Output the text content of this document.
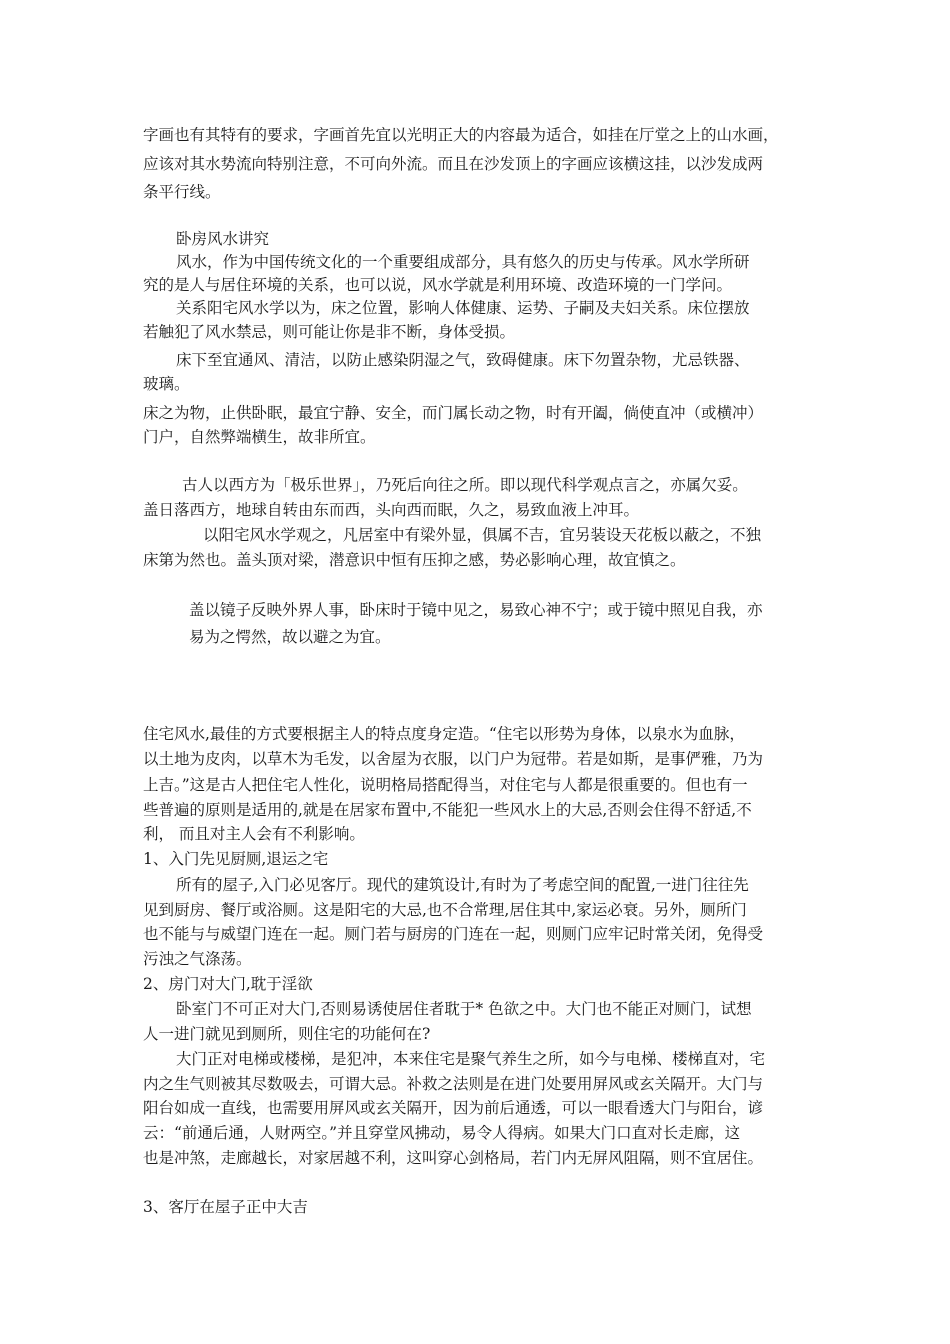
字画也有其特有的要求，字画首先宜以光明正大的内容最为适合，如挂在厅堂之上的山水画，

应该对其水势流向特别注意，不可向外流。而且在沙发顶上的字画应该横这挂，以沙发成两

条平行线。

卧房风水讲究

风水，作为中国传统文化的一个重要组成部分，具有悠久的历史与传承。风水学所研

究的是人与居住环境的关系，也可以说，风水学就是利用环境、改造环境的一门学问。

关系阳宅风水学以为，床之位置，影响人体健康、运势、子嗣及夫妇关系。床位摆放

若触犯了风水禁忌，则可能让你是非不断，身体受损。

床下至宜通风、清洁，以防止感染阴湿之气，致碍健康。床下勿置杂物，尤忌铁器、

玻璃。

床之为物，止供卧眠，最宜宁静、安全，而门属长动之物，时有开阖，倘使直冲（或横冲）

门户，自然弊端横生，故非所宜。

古人以西方为「极乐世界」，乃死后向往之所。即以现代科学观点言之，亦属欠妥。

盖日落西方，地球自转由东而西，头向西而眠，久之，易致血液上冲耳。

以阳宅风水学观之，凡居室中有梁外显，俱属不吉，宜另装设天花板以蔽之，不独

床第为然也。盖头顶对梁，潜意识中恒有压抑之感，势必影响心理，故宜慎之。

盖以镜子反映外界人事，卧床时于镜中见之，易致心神不宁；或于镜中照见自我，亦

易为之愕然，故以避之为宜。

住宅风水,最佳的方式要根据主人的特点度身定造。“住宅以形势为身体，以泉水为血脉，

以土地为皮肉，以草木为毛发，以舍屋为衣服，以门户为冠带。若是如斯，是事俨雅，乃为

上吉。”这是古人把住宅人性化，说明格局搭配得当，对住宅与人都是很重要的。但也有一

些普遍的原则是适用的,就是在居家布置中,不能犯一些风水上的大忌,否则会住得不舒适,不

利， 而且对主人会有不利影响。

1、入门先见厨厕,退运之宅

所有的屋子,入门必见客厅。现代的建筑设计,有时为了考虑空间的配置,一进门往往先

见到厨房、餐厅或浴厕。这是阳宅的大忌,也不合常理,居住其中,家运必衰。另外，厕所门

也不能与与威望门连在一起。厕门若与厨房的门连在一起，则厕门应牢记时常关闭，免得受

污浊之气涤荡。

2、房门对大门,耽于淫欲

卧室门不可正对大门,否则易诱使居住者耽于* 色欲之中。大门也不能正对厕门，试想

人一进门就见到厕所，则住宅的功能何在?

大门正对电梯或楼梯，是犯冲，本来住宅是聚气养生之所，如今与电梯、楼梯直对，宅

内之生气则被其尽数吸去，可谓大忌。补救之法则是在进门处要用屏风或玄关隔开。大门与

阳台如成一直线，也需要用屏风或玄关隔开，因为前后通透，可以一眼看透大门与阳台，谚

云：“前通后通，人财两空。”并且穿堂风拂动，易令人得病。如果大门口直对长走廊，这

也是冲煞，走廊越长，对家居越不利，这叫穿心剑格局，若门内无屏风阻隔，则不宜居住。

3、客厅在屋子正中大吉
